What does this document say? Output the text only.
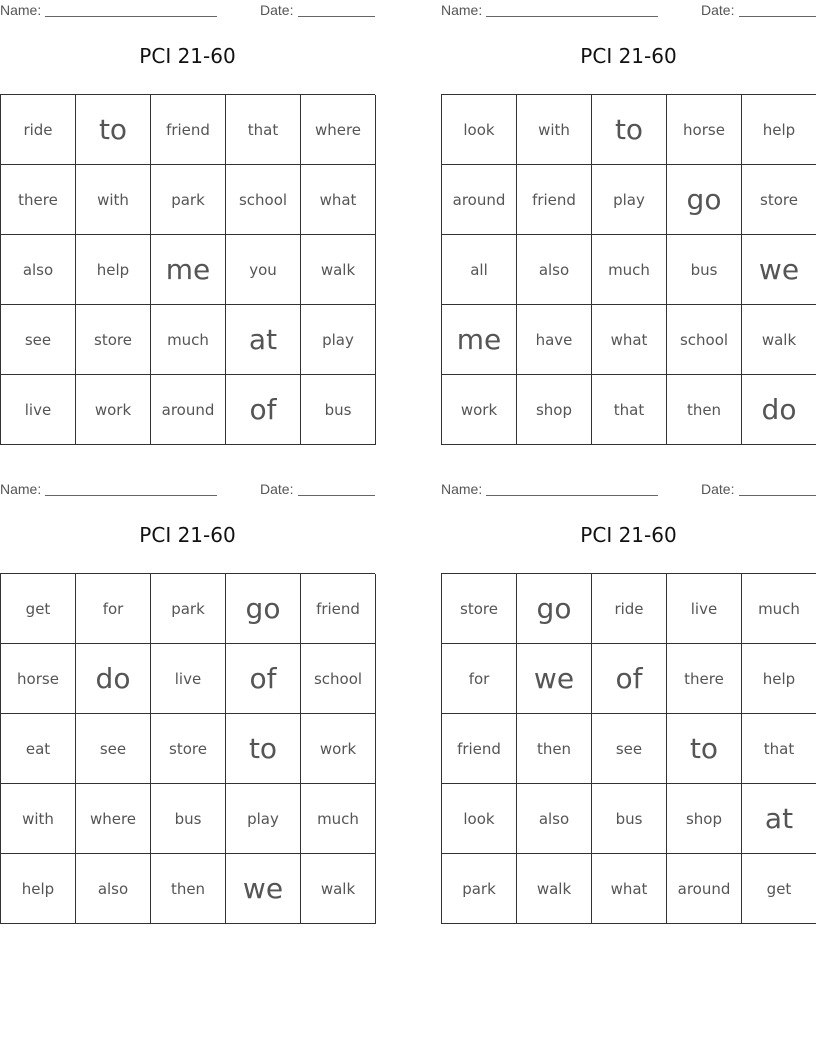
Name:	Date:
PCI 21-60
ride	to	friend	that	where
there	with	park	school	what
also	help	me	you	walk
see	store	much	at	play
live	work	around	of	bus
Name:	Date:
PCI 21-60
look	with	to	horse	help
around	friend	play	go	store
all	also	much	bus	we
me	have	what	school	walk
work	shop	that	then	do
Name:	Date:
PCI 21-60
get	for	park	go	friend
horse	do	live	of	school
eat	see	store	to	work
with	where	bus	play	much
help	also	then	we	walk
Name:	Date:
PCI 21-60
store	go	ride	live	much
for	we	of	there	help
friend	then	see	to	that
look	also	bus	shop	at
park	walk	what	around	get
